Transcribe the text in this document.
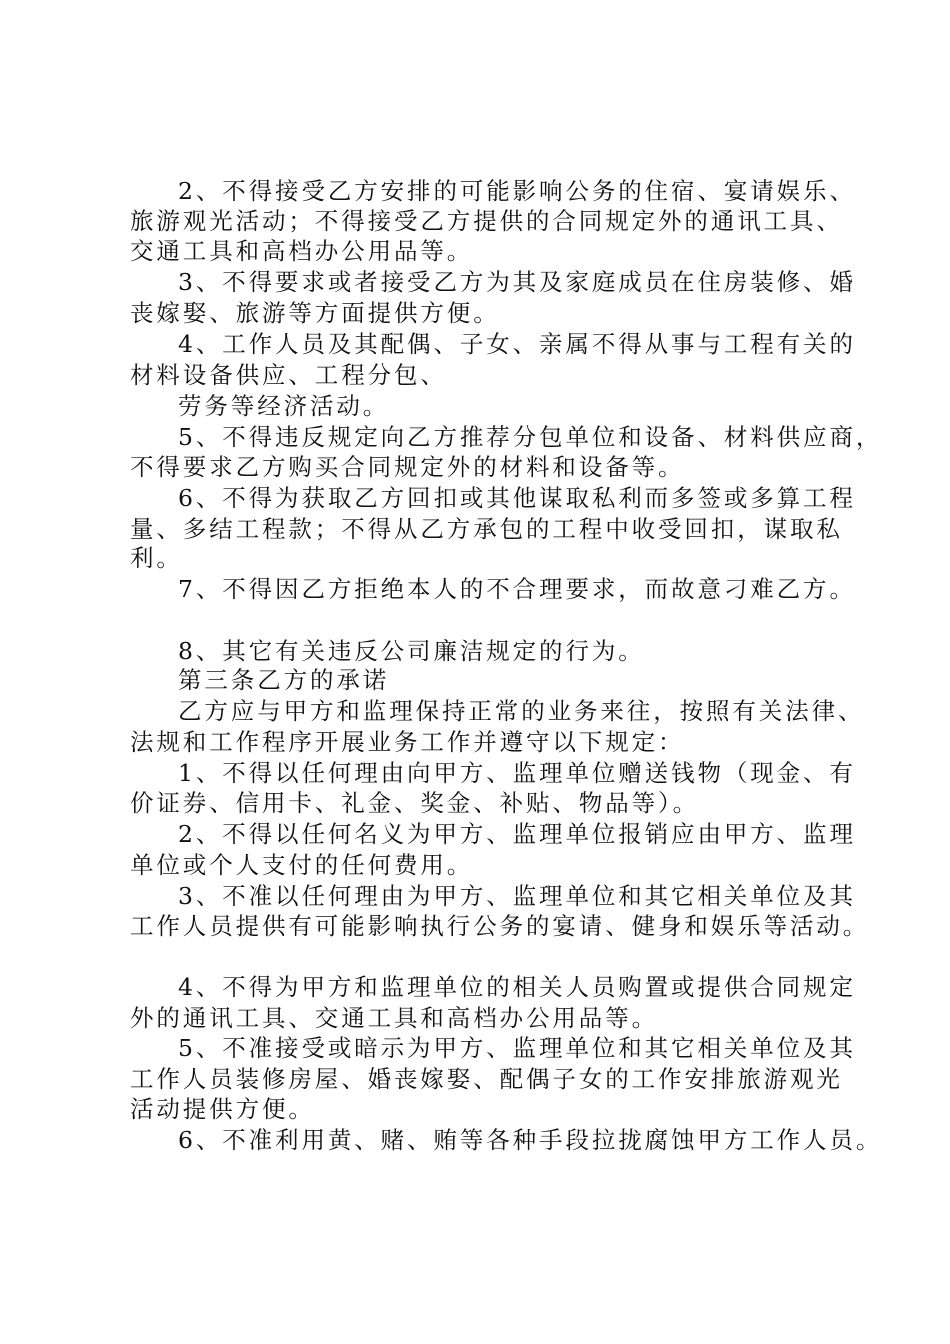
2、不得接受乙方安排的可能影响公务的住宿、宴请娱乐、
旅游观光活动；不得接受乙方提供的合同规定外的通讯工具、
交通工具和高档办公用品等。
3、不得要求或者接受乙方为其及家庭成员在住房装修、婚
丧嫁娶、旅游等方面提供方便。
4、工作人员及其配偶、子女、亲属不得从事与工程有关的
材料设备供应、工程分包、
劳务等经济活动。
5、不得违反规定向乙方推荐分包单位和设备、材料供应商，
不得要求乙方购买合同规定外的材料和设备等。
6、不得为获取乙方回扣或其他谋取私利而多签或多算工程
量、多结工程款；不得从乙方承包的工程中收受回扣，谋取私
利。
7、不得因乙方拒绝本人的不合理要求，而故意刁难乙方。
8、其它有关违反公司廉洁规定的行为。
第三条乙方的承诺
乙方应与甲方和监理保持正常的业务来往，按照有关法律、
法规和工作程序开展业务工作并遵守以下规定：
1、不得以任何理由向甲方、监理单位赠送钱物（现金、有
价证券、信用卡、礼金、奖金、补贴、物品等）。
2、不得以任何名义为甲方、监理单位报销应由甲方、监理
单位或个人支付的任何费用。
3、不准以任何理由为甲方、监理单位和其它相关单位及其
工作人员提供有可能影响执行公务的宴请、健身和娱乐等活动。
4、不得为甲方和监理单位的相关人员购置或提供合同规定
外的通讯工具、交通工具和高档办公用品等。
5、不准接受或暗示为甲方、监理单位和其它相关单位及其
工作人员装修房屋、婚丧嫁娶、配偶子女的工作安排旅游观光
活动提供方便。
6、不准利用黄、赌、贿等各种手段拉拢腐蚀甲方工作人员。
